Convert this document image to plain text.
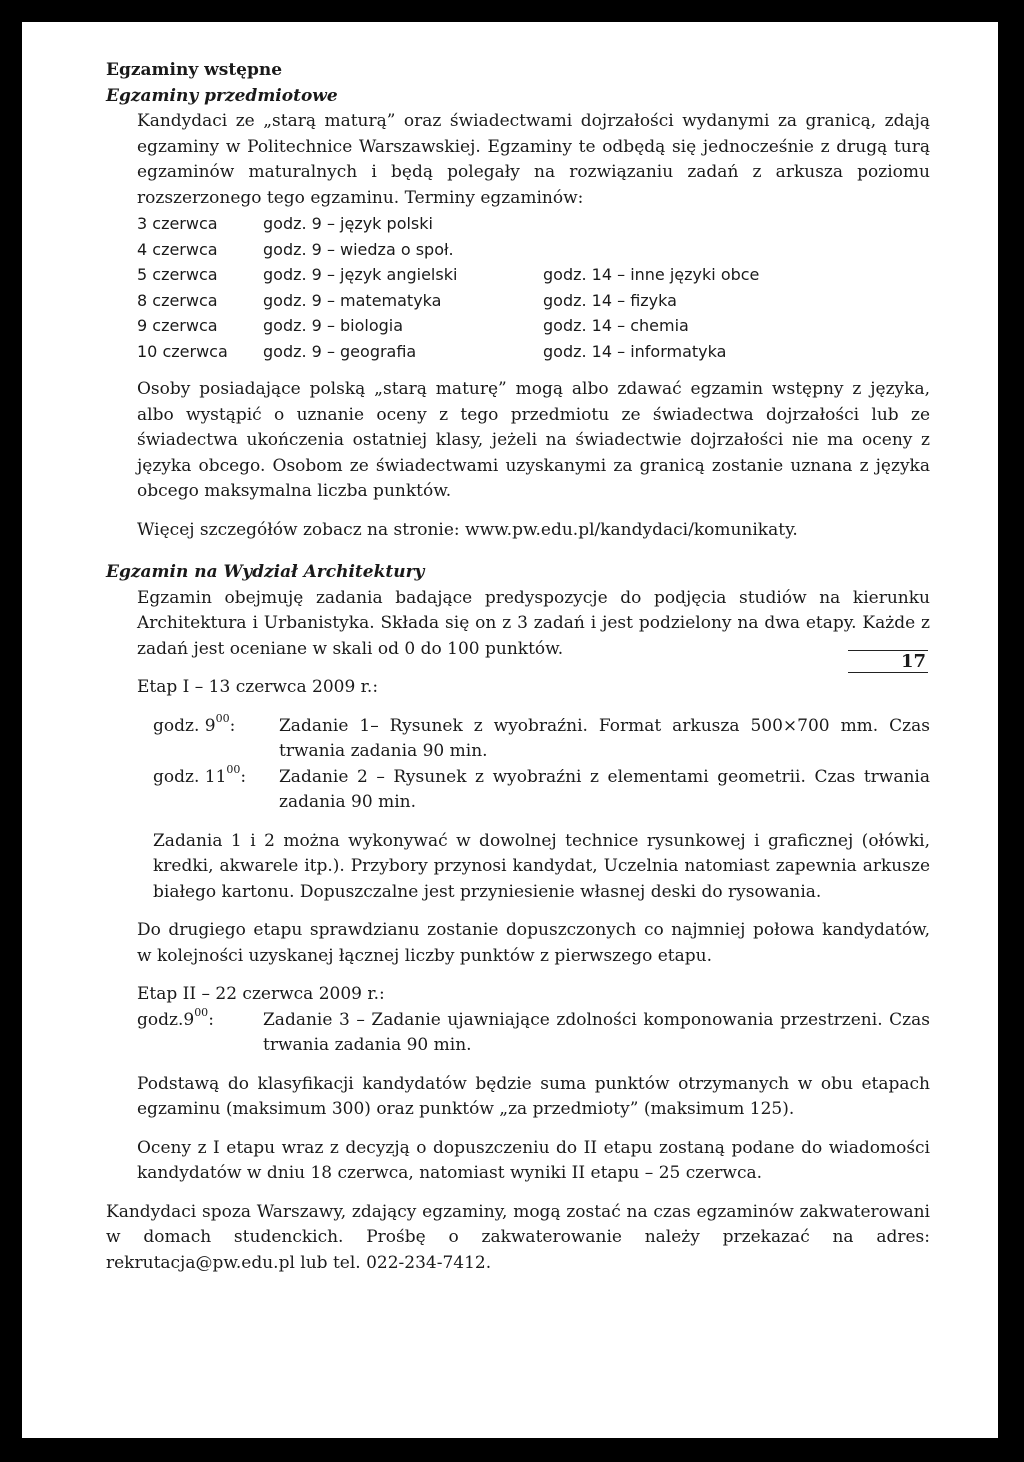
Egzaminy wstępne

Egzaminy przedmiotowe

Kandydaci ze „starą maturą” oraz świadectwami dojrzałości wydanymi za granicą, zdają egzaminy w Politechnice Warszawskiej. Egzaminy te odbędą się jednocześnie z drugą turą egzaminów maturalnych i będą polegały na rozwiązaniu zadań z arkusza poziomu rozszerzonego tego egzaminu. Terminy egzaminów:

3 czerwca	godz. 9 – język polski	
4 czerwca	godz. 9 – wiedza o społ.	
5 czerwca	godz. 9 – język angielski	godz. 14 – inne języki obce
8 czerwca	godz. 9 – matematyka	godz. 14 – fizyka
9 czerwca	godz. 9 – biologia	godz. 14 – chemia
10 czerwca	godz. 9 – geografia	godz. 14 – informatyka

Osoby posiadające polską „starą maturę” mogą albo zdawać egzamin wstępny z języka, albo wystąpić o uznanie oceny z tego przedmiotu ze świadectwa dojrzałości lub ze świadectwa ukończenia ostatniej klasy, jeżeli na świadectwie dojrzałości nie ma oceny z języka obcego. Osobom ze świadectwami uzyskanymi za granicą zostanie uznana z języka obcego maksymalna liczba punktów.

Więcej szczegółów zobacz na stronie: www.pw.edu.pl/kandydaci/komunikaty.

Egzamin na Wydział Architektury

Egzamin obejmuję zadania badające predyspozycje do podjęcia studiów na kierunku Architektura i Urbanistyka. Składa się on z 3 zadań i jest podzielony na dwa etapy. Każde z zadań jest oceniane w skali od 0 do 100 punktów.

Etap I – 13 czerwca 2009 r.:

godz. $9^{00}$:	Zadanie 1– Rysunek z wyobraźni. Format arkusza 500×700 mm. Czas trwania zadania 90 min.
godz. $11^{00}$:	Zadanie 2 – Rysunek z wyobraźni z elementami geometrii. Czas trwania zadania 90 min.

Zadania 1 i 2 można wykonywać w dowolnej technice rysunkowej i graficznej (ołówki, kredki, akwarele itp.). Przybory przynosi kandydat, Uczelnia natomiast zapewnia arkusze białego kartonu. Dopuszczalne jest przyniesienie własnej deski do rysowania.

Do drugiego etapu sprawdzianu zostanie dopuszczonych co najmniej połowa kandydatów, w kolejności uzyskanej łącznej liczby punktów z pierwszego etapu.

Etap II – 22 czerwca 2009 r.:

$godz.9^{00}$:	Zadanie 3 – Zadanie ujawniające zdolności komponowania przestrzeni. Czas trwania zadania 90 min.

Podstawą do klasyfikacji kandydatów będzie suma punktów otrzymanych w obu etapach egzaminu (maksimum 300) oraz punktów „za przedmioty” (maksimum 125).

Oceny z I etapu wraz z decyzją o dopuszczeniu do II etapu zostaną podane do wiadomości kandydatów w dniu 18 czerwca, natomiast wyniki II etapu – 25 czerwca.

Kandydaci spoza Warszawy, zdający egzaminy, mogą zostać na czas egzaminów zakwaterowani w domach studenckich. Prośbę o zakwaterowanie należy przekazać na adres: rekrutacja@pw.edu.pl lub tel. 022-234-7412.

17
